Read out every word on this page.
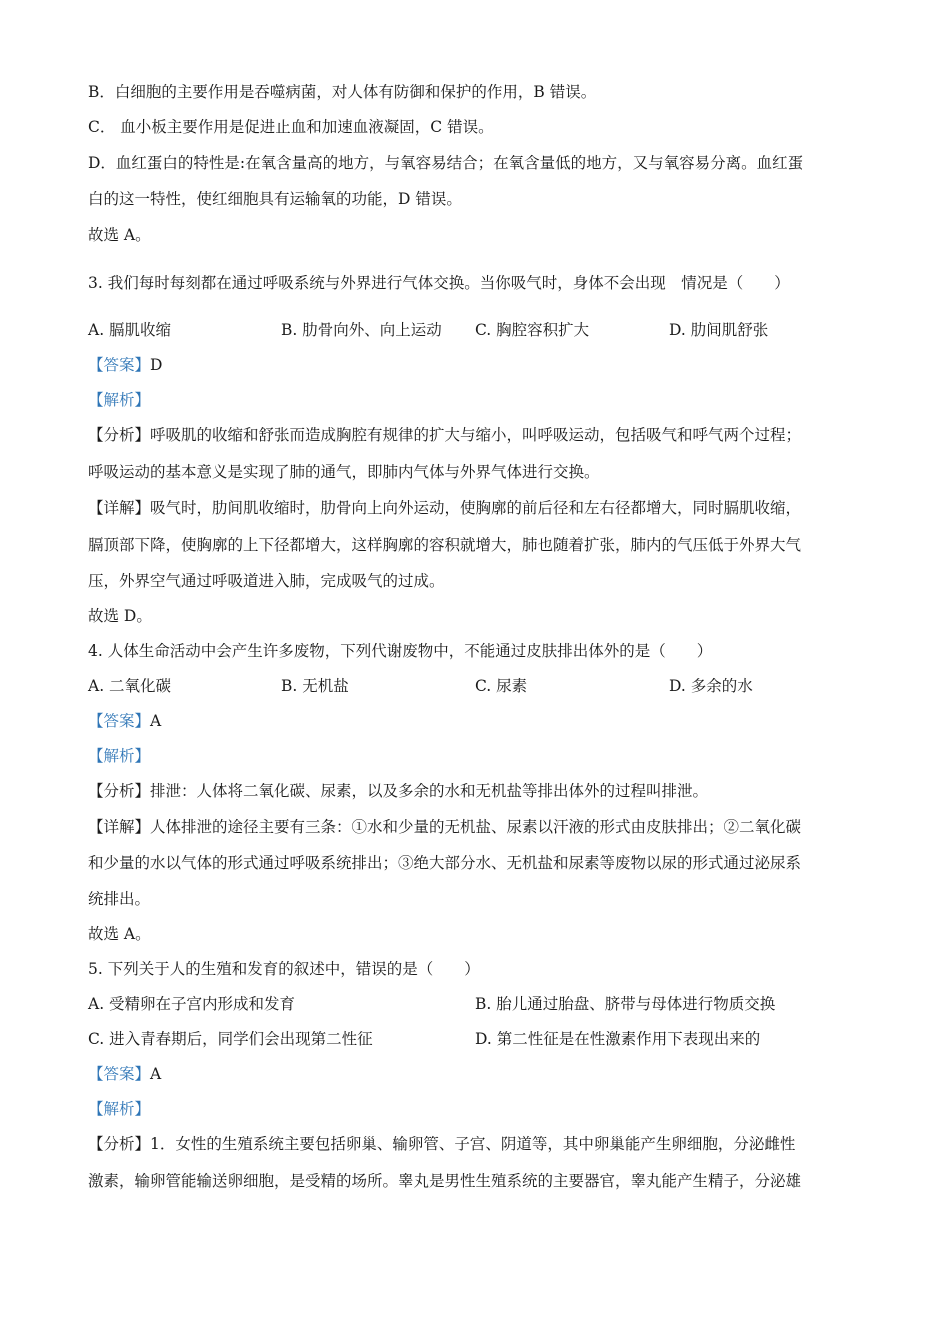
B．白细胞的主要作用是吞噬病菌，对人体有防御和保护的作用，B 错误。
C． 血小板主要作用是促进止血和加速血液凝固，C 错误。
D．血红蛋白的特性是:在氧含量高的地方，与氧容易结合；在氧含量低的地方，又与氧容易分离。血红蛋
白的这一特性，使红细胞具有运输氧的功能，D 错误。
故选 A。
3. 我们每时每刻都在通过呼吸系统与外界进行气体交换。当你吸气时，身体不会出现　情况是（　　）
A. 膈肌收缩	B. 肋骨向外、向上运动 C. 胸腔容积扩大	D. 肋间肌舒张
【答案】D
【解析】
【分析】呼吸肌的收缩和舒张而造成胸腔有规律的扩大与缩小，叫呼吸运动，包括吸气和呼气两个过程；
呼吸运动的基本意义是实现了肺的通气，即肺内气体与外界气体进行交换。
【详解】吸气时，肋间肌收缩时，肋骨向上向外运动，使胸廓的前后径和左右径都增大，同时膈肌收缩，
膈顶部下降，使胸廓的上下径都增大，这样胸廓的容积就增大，肺也随着扩张，肺内的气压低于外界大气
压，外界空气通过呼吸道进入肺，完成吸气的过成。
故选 D。
4. 人体生命活动中会产生许多废物，下列代谢废物中，不能通过皮肤排出体外的是（　　）
A. 二氧化碳	B. 无机盐	C. 尿素	D. 多余的水
【答案】A
【解析】
【分析】排泄：人体将二氧化碳、尿素，以及多余的水和无机盐等排出体外的过程叫排泄。
【详解】人体排泄的途径主要有三条：①水和少量的无机盐、尿素以汗液的形式由皮肤排出；②二氧化碳
和少量的水以气体的形式通过呼吸系统排出；③绝大部分水、无机盐和尿素等废物以尿的形式通过泌尿系
统排出。
故选 A。
5. 下列关于人的生殖和发育的叙述中，错误的是（　　）
A. 受精卵在子宫内形成和发育	B. 胎儿通过胎盘、脐带与母体进行物质交换
C. 进入青春期后，同学们会出现第二性征	D. 第二性征是在性激素作用下表现出来的
【答案】A
【解析】
【分析】1．女性的生殖系统主要包括卵巢、输卵管、子宫、阴道等，其中卵巢能产生卵细胞，分泌雌性
激素，输卵管能输送卵细胞，是受精的场所。睾丸是男性生殖系统的主要器官，睾丸能产生精子，分泌雄
